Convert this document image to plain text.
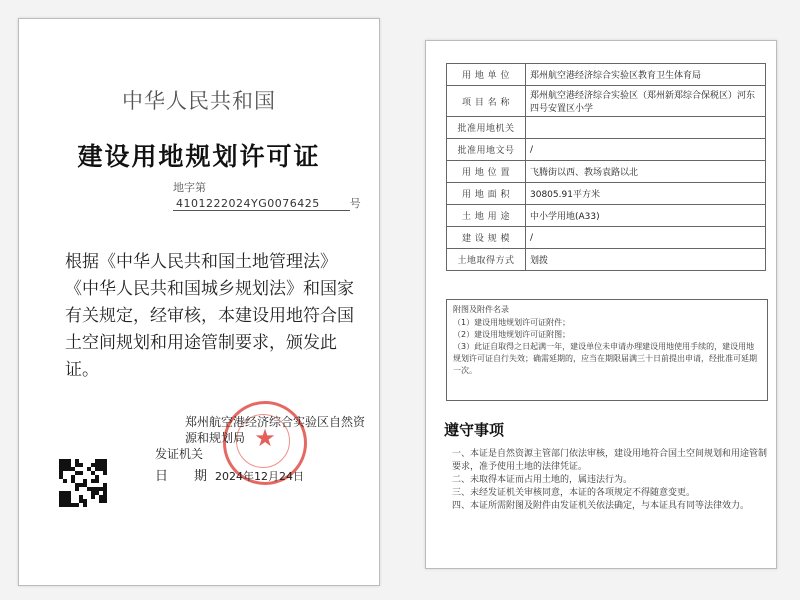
中华人民共和国
建设用地规划许可证
地字第4101222024YG0076425	号
根据《中华人民共和国土地管理法》《中华人民共和国城乡规划法》和国家有关规定，经审核，本建设用地符合国土空间规划和用途管制要求，颁发此证。
★
郑州航空港经济综合实验区自然资源和规划局
发证机关
日　　期 2024年12月24日
用 地 单 位	郑州航空港经济综合实验区教育卫生体育局
项 目 名 称	郑州航空港经济综合实验区（郑州新郑综合保税区）河东四号安置区小学
批准用地机关	
批准用地文号	/
用 地 位 置	飞腾街以西、教场袁路以北
用 地 面 积	30805.91平方米
土 地 用 途	中小学用地(A33)
建 设 规 模	/
土地取得方式	划拨
附图及附件名录
（1）建设用地规划许可证附件；
（2）建设用地规划许可证附图；
（3）此证自取得之日起满一年，建设单位未申请办理建设用地使用手续的，建设用地规划许可证自行失效；确需延期的，应当在期限届满三十日前提出申请，经批准可延期一次。
遵守事项
一、本证是自然资源主管部门依法审核，建设用地符合国土空间规划和用途管制要求，准予使用土地的法律凭证。
二、未取得本证而占用土地的，属违法行为。
三、未经发证机关审核同意，本证的各项规定不得随意变更。
四、本证所需附图及附件由发证机关依法确定，与本证具有同等法律效力。
